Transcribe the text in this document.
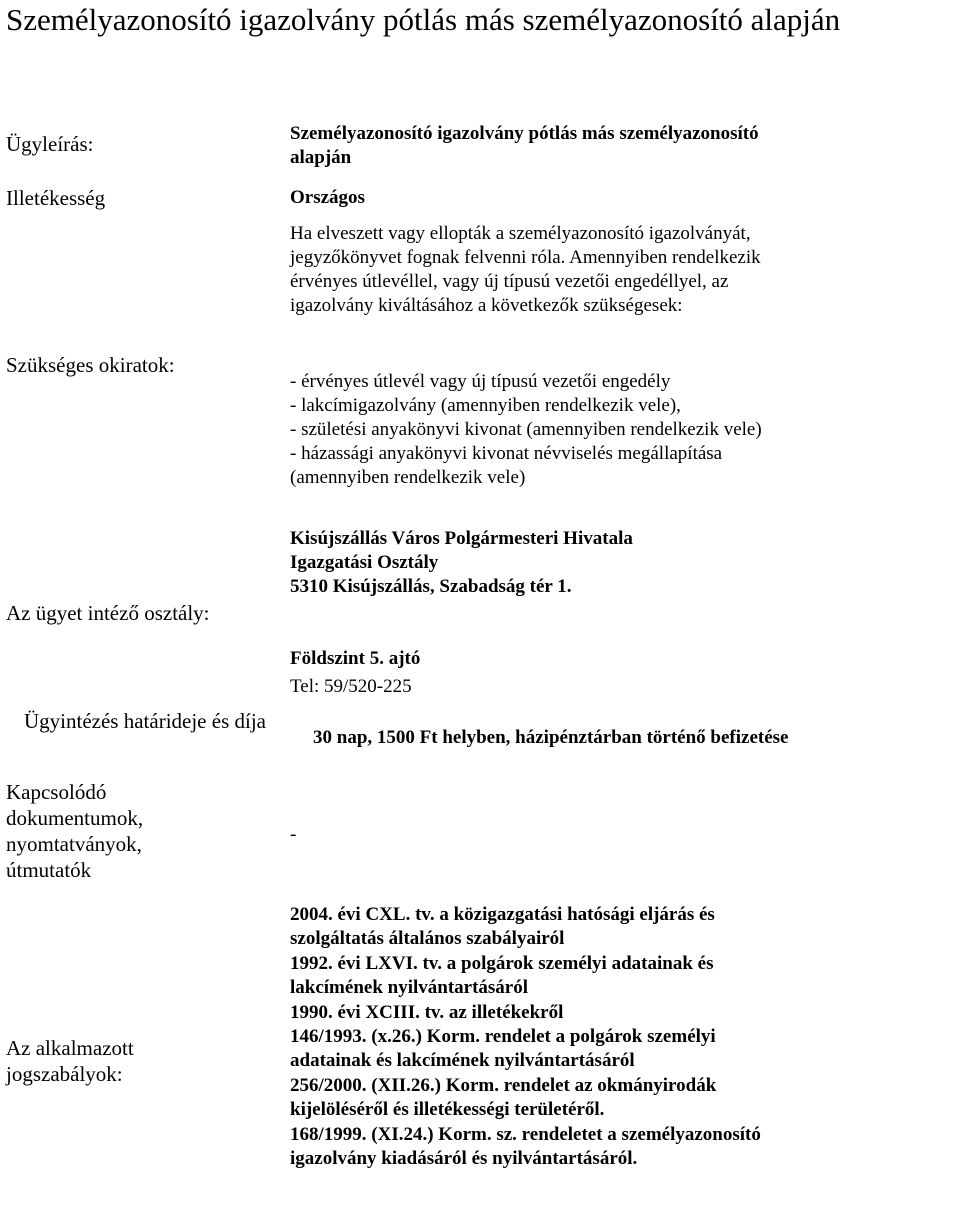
Személyazonosító igazolvány pótlás más személyazonosító alapján
Ügyleírás:
Illetékesség
Szükséges okiratok:
Az ügyet intéző osztály:
Ügyintézés határideje és díja
Kapcsolódó dokumentumok, nyomtatványok, útmutatók
Az alkalmazott jogszabályok:
Személyazonosító igazolvány pótlás más személyazonosító
alapján
Országos
Ha elveszett vagy ellopták a személyazonosító igazolványát,
jegyzőkönyvet fognak felvenni róla. Amennyiben rendelkezik
érvényes útlevéllel, vagy új típusú vezetői engedéllyel, az
igazolvány kiváltásához a következők szükségesek:
- érvényes útlevél vagy új típusú vezetői engedély
- lakcímigazolvány (amennyiben rendelkezik vele),
- születési anyakönyvi kivonat (amennyiben rendelkezik vele)
- házassági anyakönyvi kivonat névviselés megállapítása
(amennyiben rendelkezik vele)
Kisújszállás Város Polgármesteri Hivatala
Igazgatási Osztály
5310 Kisújszállás, Szabadság tér 1.
Földszint 5. ajtó
Tel: 59/520-225
30 nap, 1500 Ft helyben, házipénztárban történő befizetése
-
2004. évi CXL. tv. a közigazgatási hatósági eljárás és
szolgáltatás általános szabályairól
1992. évi LXVI. tv. a polgárok személyi adatainak és
lakcímének nyilvántartásáról
1990. évi XCIII. tv. az illetékekről
146/1993. (x.26.) Korm. rendelet a polgárok személyi
adatainak és lakcímének nyilvántartásáról
256/2000. (XII.26.) Korm. rendelet az okmányirodák
kijelöléséről és illetékességi területéről.
168/1999. (XI.24.) Korm. sz. rendeletet a személyazonosító
igazolvány kiadásáról és nyilvántartásáról.
